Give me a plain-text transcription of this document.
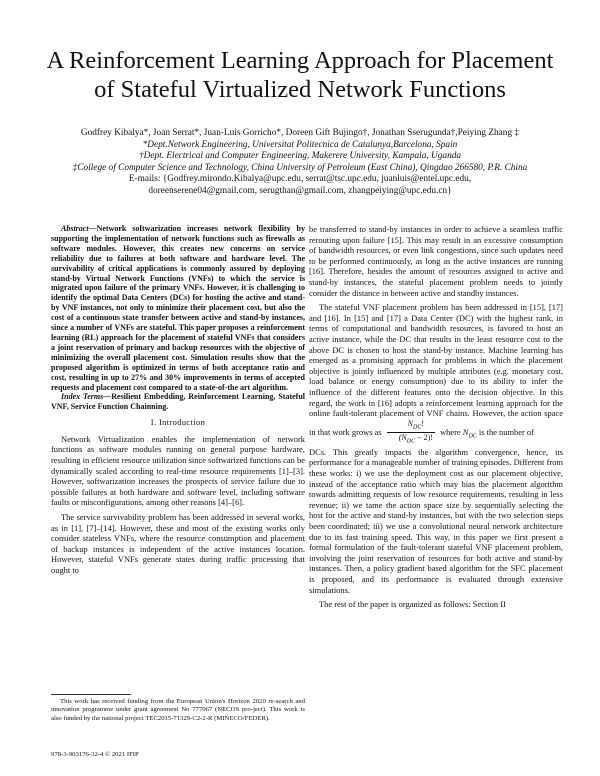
A Reinforcement Learning Approach for Placement
of Stateful Virtualized Network Functions
Godfrey Kibalya*, Joan Serrat*, Juan-Luis Gorricho*, Doreen Gift Bujingo†, Jonathan Sserugunda†,Peiying Zhang ‡
*Dept.Network Engineering, Universitat Politecnica de Catalunya,Barcelona, Spain
†Dept. Electrical and Computer Engineering, Makerere University, Kampala, Uganda
‡College of Computer Science and Technology, China University of Petroleum (East China), Qingdao 266580, P.R. China
E-mails: {Godfrey.mirondo.Kibalya@upc.edu, serrat@tsc.upc.edu, juanluis@entel.upc.edu,
doreenserene04@gmail.com, serugthan@gmail.com, zhangpeiying@upc.edu.cn}

Abstract—Network softwarization increases network flexibility by supporting the implementation of network functions such as firewalls as software modules. However, this creates new concerns on service reliability due to failures at both software and hardware level. The survivability of critical applications is commonly assured by deploying stand-by Virtual Network Functions (VNFs) to which the service is migrated upon failure of the primary VNFs. However, it is challenging to identify the optimal Data Centers (DCs) for hosting the active and stand-by VNF instances, not only to minimize their placement cost, but also the cost of a continuous state transfer between active and stand-by instances, since a number of VNFs are stateful. This paper proposes a reinforcement learning (RL) approach for the placement of stateful VNFs that considers a joint reservation of primary and backup resources with the objective of minimizing the overall placement cost. Simulation results show that the proposed algorithm is optimized in terms of both acceptance ratio and cost, resulting in up to 27% and 30% improvements in terms of accepted requests and placement cost compared to a state-of-the art algorithm.

Index Terms—Resilient Embedding, Reinforcement Learning, Stateful VNF, Service Function Chainning.

I. Introduction

Network Virtualization enables the implementation of network functions as software modules running on general purpose hardware, resulting in efficient resource utilization since softwarized functions can be dynamically scaled according to real-time resource requirements [1]–[3]. However, softwarization increases the prospects of service failure due to possible failures at both hardware and software level, including software faults or misconfigurations, among other reasons [4]–[6].

The service survivability problem has been addressed in several works, as in [1], [7]–[14]. However, these and most of the existing works only consider stateless VNFs, where the resource consumption and placement of backup instances is independent of the active instances location. However, stateful VNFs generate states during traffic processing that ought to

This work has received funding from the European Union's Horizon 2020 re-search and innovation programme under grant agreement No 777067 (NECOS pro-ject). This work is also funded by the national project TEC2015-71329-C2-2-R (MINECO/FEDER).

978-3-903176-32-4 © 2021 IFIP

be transferred to stand-by instances in order to achieve a seamless traffic rerouting upon failure [15]. This may result in an excessive consumption of bandwidth resources, or even link congestions, since such updates need to be performed continuously, as long as the active instances are running [16]. Therefore, besides the amount of resources assigned to active and stand-by instances, the stateful placement problem needs to jointly consider the distance in between active and standby instances.

The stateful VNF placement problem has been addressed in [15], [17] and [16]. In [15] and [17] a Data Center (DC) with the highest rank, in terms of computational and bandwidth resources, is favored to host an active instance, while the DC that results in the least resource cost to the above DC is chosen to host the stand-by instance. Machine learning has emerged as a promising approach for problems in which the placement objective is jointly influenced by multiple attributes (e.g. monetary cost, load balance or energy consumption) due to its ability to infer the influence of the different features onto the decision objective. In this regard, the work in [16] adopts a reinforcement learning approach for the online fault-tolerant placement of VNF chains. However, the action space in that work grows as $\frac{N_{DC}!}{(N_{DC} - 2)!}$ where $N_{DC}$ is the number of

DCs. This greatly impacts the algorithm convergence, hence, its performance for a manageable number of training episodes. Different from these works: i) we use the deployment cost as our placement objective, instead of the acceptance ratio which may bias the placement algorithm towards admitting requests of low resource requirements, resulting in less revenue; ii) we tame the action space size by sequentially selecting the host for the active and stand-by instances, but with the two selection steps been coordinated; iii) we use a convolutional neural network architecture due to its fast training speed. This way, in this paper we first present a formal formulation of the fault-tolerant stateful VNF placement problem, involving the joint reservation of resources for both active and stand-by instances. Then, a policy gradient based algorithm for the SFC placement is proposed, and its performance is evaluated through extensive simulations.

The rest of the paper is organized as follows: Section II
